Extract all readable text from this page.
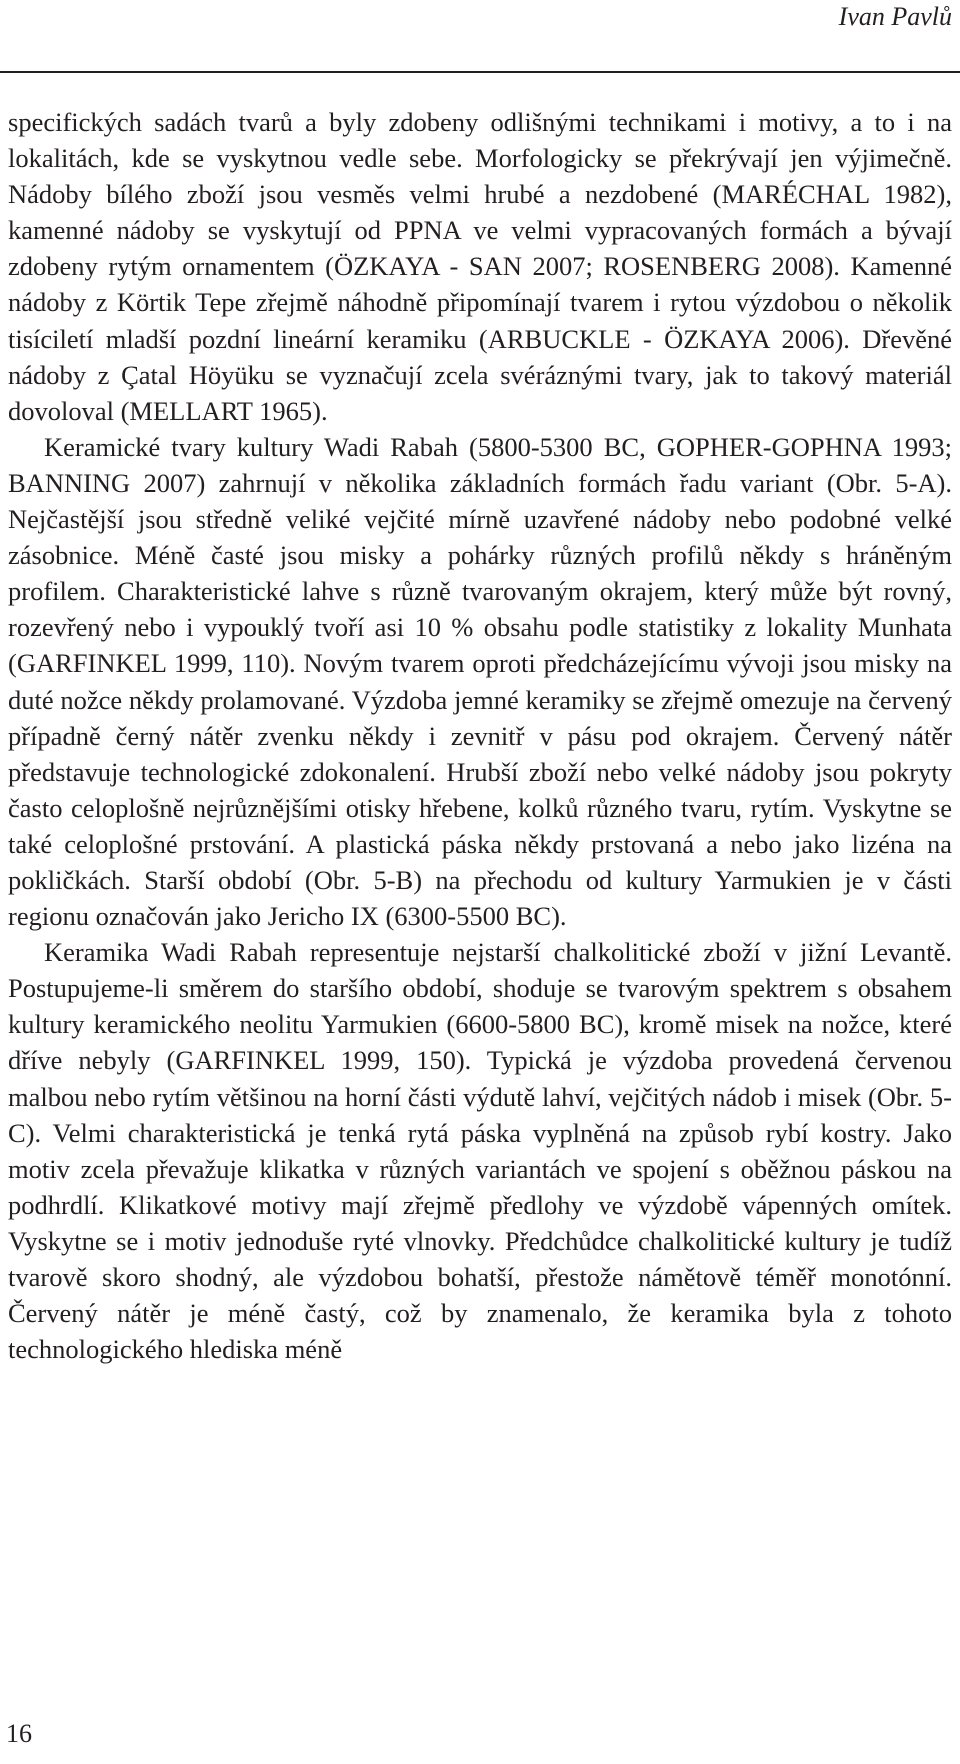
Ivan Pavlů

specifických sadách tvarů a byly zdobeny odlišnými technikami i motivy, a to i na lokalitách, kde se vyskytnou vedle sebe. Morfologicky se překrývají jen výjimečně. Nádoby bílého zboží jsou vesměs velmi hrubé a nezdobené (MARÉCHAL 1982), kamenné nádoby se vyskytují od PPNA ve velmi vypracovaných formách a bývají zdobeny rytým ornamentem (ÖZKAYA - SAN 2007; ROSENBERG 2008). Kamenné nádoby z Körtik Tepe zřejmě náhodně připomínají tvarem i rytou výzdobou o několik tisíciletí mladší pozdní lineární keramiku (ARBUCKLE - ÖZKAYA 2006). Dřevěné nádoby z Çatal Höyüku se vyznačují zcela svéráznými tvary, jak to takový materiál dovoloval (MELLART 1965).

Keramické tvary kultury Wadi Rabah (5800-5300 BC, GOPHER-GOPHNA 1993; BANNING 2007) zahrnují v několika základních formách řadu variant (Obr. 5-A). Nejčastější jsou středně veliké vejčité mírně uzavřené nádoby nebo podobné velké zásobnice. Méně časté jsou misky a pohárky různých profilů někdy s hráněným profilem. Charakteristické lahve s různě tvarovaným okrajem, který může být rovný, rozevřený nebo i vypouklý tvoří asi 10 % obsahu podle statistiky z lokality Munhata (GARFINKEL 1999, 110). Novým tvarem oproti předcházejícímu vývoji jsou misky na duté nožce někdy prolamované. Výzdoba jemné keramiky se zřejmě omezuje na červený případně černý nátěr zvenku někdy i zevnitř v pásu pod okrajem. Červený nátěr představuje technologické zdokonalení. Hrubší zboží nebo velké nádoby jsou pokryty často celoplošně nejrůznějšími otisky hřebene, kolků různého tvaru, rytím. Vyskytne se také celoplošné prstování. A plastická páska někdy prstovaná a nebo jako lizéna na pokličkách. Starší období (Obr. 5-B) na přechodu od kultury Yarmukien je v části regionu označován jako Jericho IX (6300-5500 BC).

Keramika Wadi Rabah representuje nejstarší chalkolitické zboží v jižní Levantě. Postupujeme-li směrem do staršího období, shoduje se tvarovým spektrem s obsahem kultury keramického neolitu Yarmukien (6600-5800 BC), kromě misek na nožce, které dříve nebyly (GARFINKEL 1999, 150). Typická je výzdoba provedená červenou malbou nebo rytím většinou na horní části výdutě lahví, vejčitých nádob i misek (Obr. 5-C). Velmi charakteristická je tenká rytá páska vyplněná na způsob rybí kostry. Jako motiv zcela převažuje klikatka v různých variantách ve spojení s oběžnou páskou na podhrdlí. Klikatkové motivy mají zřejmě předlohy ve výzdobě vápenných omítek. Vyskytne se i motiv jednoduše ryté vlnovky. Předchůdce chalkolitické kultury je tudíž tvarově skoro shodný, ale výzdobou bohatší, přestože námětově téměř monotónní. Červený nátěr je méně častý, což by znamenalo, že keramika byla z tohoto technologického hlediska méně

16
